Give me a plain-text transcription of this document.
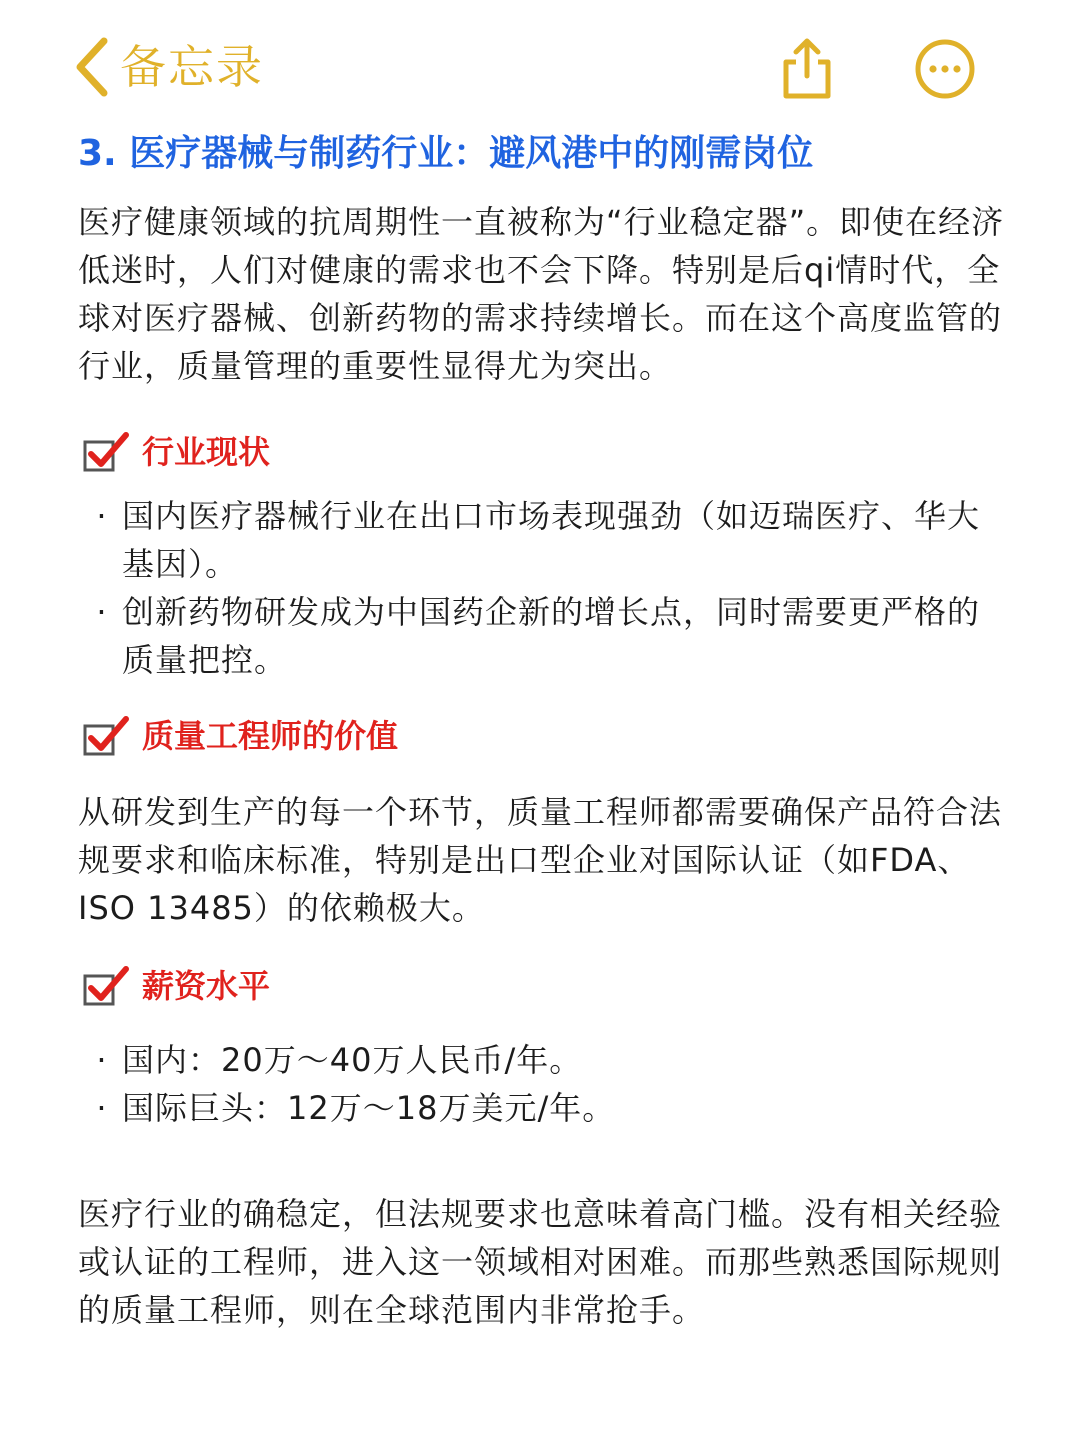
备忘录
3. 医疗器械与制药行业：避风港中的刚需岗位

医疗健康领域的抗周期性一直被称为“行业稳定器”。即使在经济低迷时，人们对健康的需求也不会下降。特别是后qi情时代，全球对医疗器械、创新药物的需求持续增长。而在这个高度监管的行业，质量管理的重要性显得尤为突出。

行业现状
· 国内医疗器械行业在出口市场表现强劲（如迈瑞医疗、华大基因）。
· 创新药物研发成为中国药企新的增长点，同时需要更严格的质量把控。
质量工程师的价值

从研发到生产的每一个环节，质量工程师都需要确保产品符合法规要求和临床标准，特别是出口型企业对国际认证（如FDA、ISO 13485）的依赖极大。

薪资水平
· 国内：20万～40万人民币/年。
· 国际巨头：12万～18万美元/年。

医疗行业的确稳定，但法规要求也意味着高门槛。没有相关经验或认证的工程师，进入这一领域相对困难。而那些熟悉国际规则的质量工程师，则在全球范围内非常抢手。
